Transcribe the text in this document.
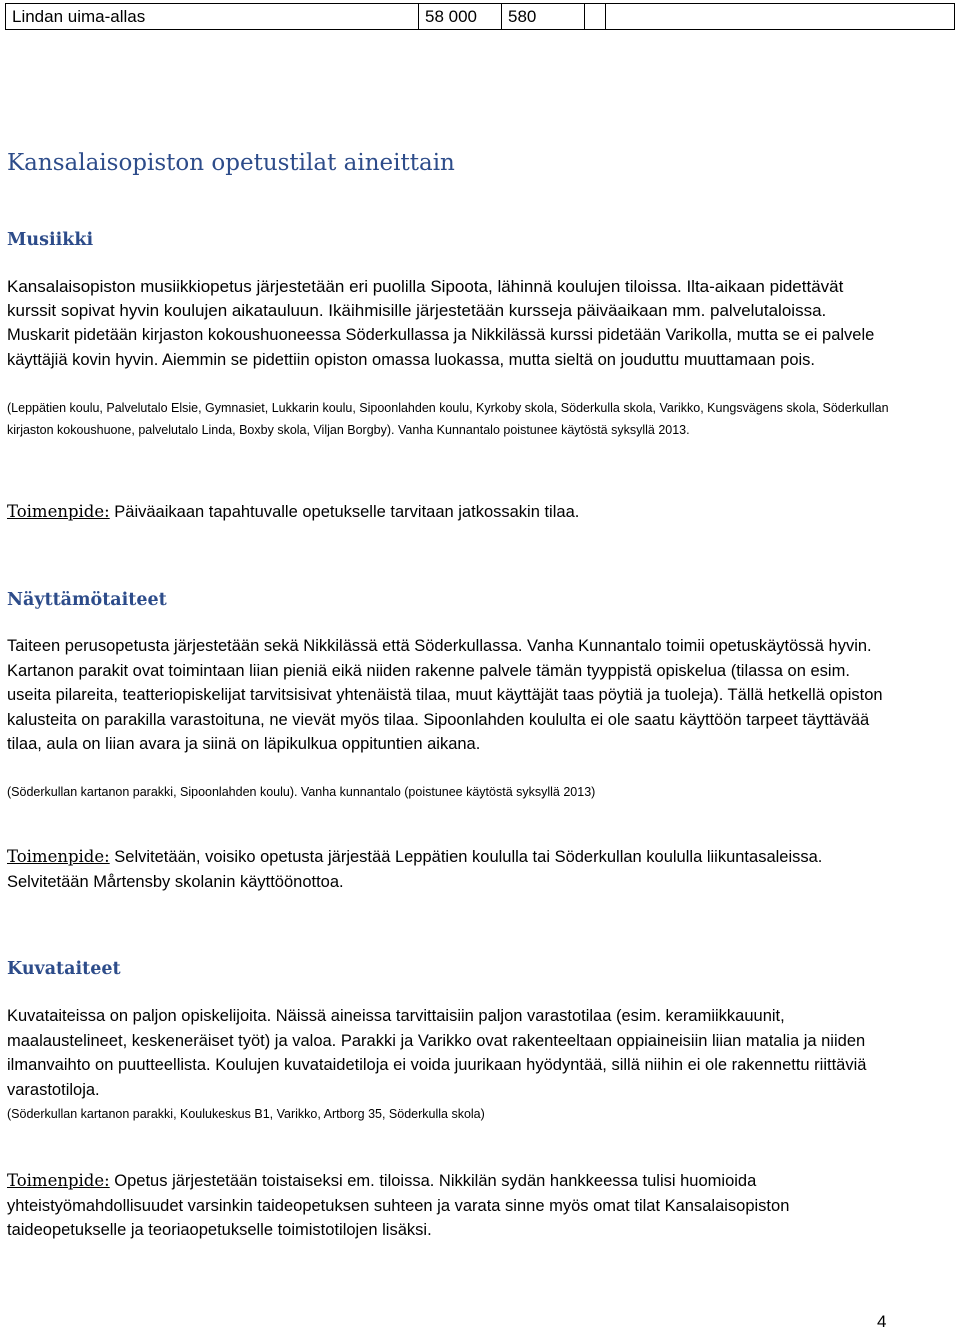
Lindan uima-allas	58 000	580		
Kansalaisopiston opetustilat aineittain
Musiikki

Kansalaisopiston musiikkiopetus järjestetään eri puolilla Sipoota, lähinnä koulujen tiloissa. Ilta-aikaan pidettävät kurssit sopivat hyvin koulujen aikatauluun. Ikäihmisille järjestetään kursseja päiväaikaan mm. palvelutaloissa. Muskarit pidetään kirjaston kokoushuoneessa Söderkullassa ja Nikkilässä kurssi pidetään Varikolla, mutta se ei palvele käyttäjiä kovin hyvin. Aiemmin se pidettiin opiston omassa luokassa, mutta sieltä on jouduttu muuttamaan pois.

(Leppätien koulu, Palvelutalo Elsie, Gymnasiet, Lukkarin koulu, Sipoonlahden koulu, Kyrkoby skola, Söderkulla skola, Varikko, Kungsvägens skola, Söderkullan kirjaston kokoushuone, palvelutalo Linda, Boxby skola, Viljan Borgby). Vanha Kunnantalo poistunee käytöstä syksyllä 2013.

Toimenpide: Päiväaikaan tapahtuvalle opetukselle tarvitaan jatkossakin tilaa.

Näyttämötaiteet

Taiteen perusopetusta järjestetään sekä Nikkilässä että Söderkullassa. Vanha Kunnantalo toimii opetuskäytössä hyvin. Kartanon parakit ovat toimintaan liian pieniä eikä niiden rakenne palvele tämän tyyppistä opiskelua (tilassa on esim. useita pilareita, teatteriopiskelijat tarvitsisivat yhtenäistä tilaa, muut käyttäjät taas pöytiä ja tuoleja). Tällä hetkellä opiston kalusteita on parakilla varastoituna, ne vievät myös tilaa. Sipoonlahden koululta ei ole saatu käyttöön tarpeet täyttävää tilaa, aula on liian avara ja siinä on läpikulkua oppituntien aikana.

(Söderkullan kartanon parakki, Sipoonlahden koulu). Vanha kunnantalo (poistunee käytöstä syksyllä 2013)

Toimenpide: Selvitetään, voisiko opetusta järjestää Leppätien koululla tai Söderkullan koululla liikuntasaleissa. Selvitetään Mårtensby skolanin käyttöönottoa.

Kuvataiteet

Kuvataiteissa on paljon opiskelijoita. Näissä aineissa tarvittaisiin paljon varastotilaa (esim. keramiikkauunit, maalaustelineet, keskeneräiset työt) ja valoa. Parakki ja Varikko ovat rakenteeltaan oppiaineisiin liian matalia ja niiden ilmanvaihto on puutteellista. Koulujen kuvataidetiloja ei voida juurikaan hyödyntää, sillä niihin ei ole rakennettu riittäviä varastotiloja.

(Söderkullan kartanon parakki, Koulukeskus B1, Varikko, Artborg 35, Söderkulla skola)

Toimenpide: Opetus järjestetään toistaiseksi em. tiloissa. Nikkilän sydän hankkeessa tulisi huomioida yhteistyömahdollisuudet varsinkin taideopetuksen suhteen ja varata sinne myös omat tilat Kansalaisopiston taideopetukselle ja teoriaopetukselle toimistotilojen lisäksi.

4
